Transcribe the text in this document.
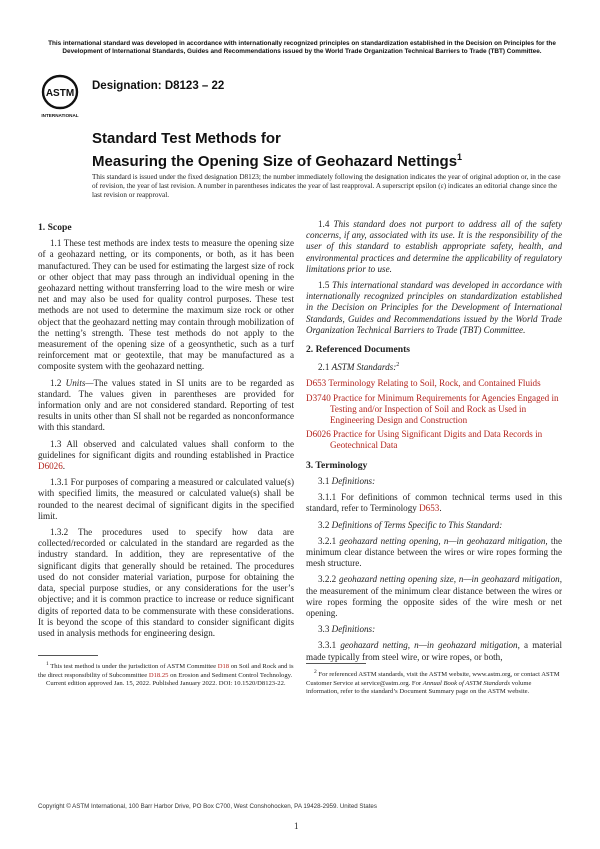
This international standard was developed in accordance with internationally recognized principles on standardization established in the Decision on Principles for the Development of International Standards, Guides and Recommendations issued by the World Trade Organization Technical Barriers to Trade (TBT) Committee.
ASTM
INTERNATIONAL
Designation: D8123 – 22
Standard Test Methods for
Measuring the Opening Size of Geohazard Nettings$^1$
This standard is issued under the fixed designation D8123; the number immediately following the designation indicates the year of original adoption or, in the case of revision, the year of last revision. A number in parentheses indicates the year of last reapproval. A superscript epsilon (ε) indicates an editorial change since the last revision or reapproval.
1. Scope

1.1 These test methods are index tests to measure the opening size of a geohazard netting, or its components, or both, as it has been manufactured. They can be used for estimating the largest size of rock or other object that may pass through an individual opening in the geohazard netting without transferring load to the wire mesh or wire net and may also be used for quality control purposes. These test methods are not used to determine the maximum size rock or other object that the geohazard netting may contain through mobilization of the netting’s strength. These test methods do not apply to the measurement of the opening size of a geosynthetic, such as a turf reinforcement mat or geotextile, that may be manufactured as a composite system with the geohazard netting.

1.2 Units—The values stated in SI units are to be regarded as standard. The values given in parentheses are provided for information only and are not considered standard. Reporting of test results in units other than SI shall not be regarded as nonconformance with this standard.

1.3 All observed and calculated values shall conform to the guidelines for significant digits and rounding established in Practice D6026.

1.3.1 For purposes of comparing a measured or calculated value(s) with specified limits, the measured or calculated value(s) shall be rounded to the nearest decimal of significant digits in the specified limit.

1.3.2 The procedures used to specify how data are collected/recorded or calculated in the standard are regarded as the industry standard. In addition, they are representative of the significant digits that generally should be retained. The procedures used do not consider material variation, purpose for obtaining the data, special purpose studies, or any considerations for the user’s objective; and it is common practice to increase or reduce significant digits of reported data to be commensurate with these considerations. It is beyond the scope of this standard to consider significant digits used in analysis methods for engineering design.

$^1$ This test method is under the jurisdiction of ASTM Committee D18 on Soil and Rock and is the direct responsibility of Subcommittee D18.25 on Erosion and Sediment Control Technology.
Current edition approved Jan. 15, 2022. Published January 2022. DOI: 10.1520/D8123-22.

1.4 This standard does not purport to address all of the safety concerns, if any, associated with its use. It is the responsibility of the user of this standard to establish appropriate safety, health, and environmental practices and determine the applicability of regulatory limitations prior to use.

1.5 This international standard was developed in accordance with internationally recognized principles on standardization established in the Decision on Principles for the Development of International Standards, Guides and Recommendations issued by the World Trade Organization Technical Barriers to Trade (TBT) Committee.

2. Referenced Documents

2.1 ASTM Standards:$^2$

D653 Terminology Relating to Soil, Rock, and Contained Fluids
D3740 Practice for Minimum Requirements for Agencies Engaged in Testing and/or Inspection of Soil and Rock as Used in Engineering Design and Construction
D6026 Practice for Using Significant Digits and Data Records in Geotechnical Data
3. Terminology

3.1 Definitions:

3.1.1 For definitions of common technical terms used in this standard, refer to Terminology D653.

3.2 Definitions of Terms Specific to This Standard:

3.2.1 geohazard netting opening, n—in geohazard mitigation, the minimum clear distance between the wires or wire ropes forming the mesh structure.

3.2.2 geohazard netting opening size, n—in geohazard mitigation, the measurement of the minimum clear distance between the wires or wire ropes forming the opposite sides of the wire mesh or net opening.

3.3 Definitions:

3.3.1 geohazard netting, n—in geohazard mitigation, a material made typically from steel wire, or wire ropes, or both,

$^2$ For referenced ASTM standards, visit the ASTM website, www.astm.org, or contact ASTM Customer Service at service@astm.org. For Annual Book of ASTM Standards volume information, refer to the standard’s Document Summary page on the ASTM website.
Copyright © ASTM International, 100 Barr Harbor Drive, PO Box C700, West Conshohocken, PA 19428-2959. United States
1
